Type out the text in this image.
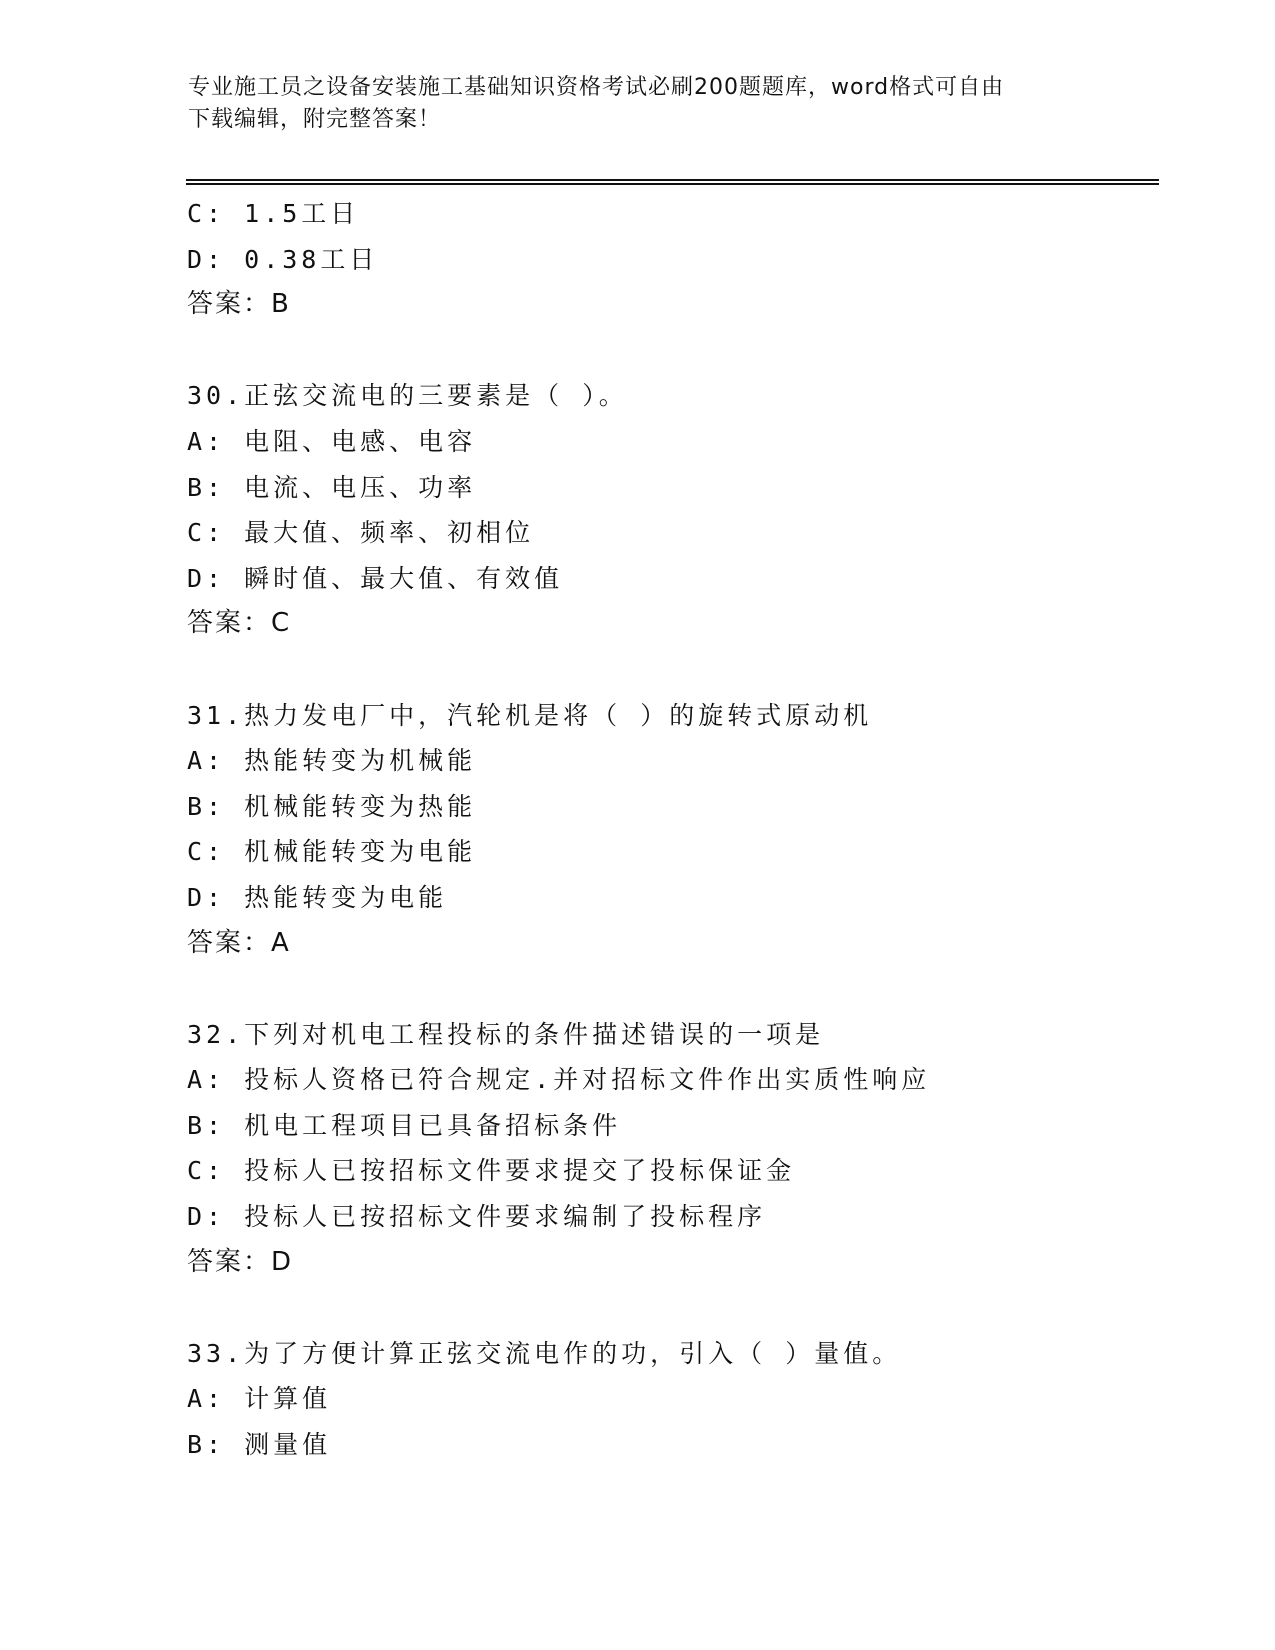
专业施工员之设备安装施工基础知识资格考试必刷200题题库，word格式可自由
下载编辑，附完整答案！
C: 1.5工日
D: 0.38工日
答案：B
30.正弦交流电的三要素是（ ）。
A: 电阻、电感、电容
B: 电流、电压、功率
C: 最大值、频率、初相位
D: 瞬时值、最大值、有效值
答案：C
31.热力发电厂中，汽轮机是将（ ）的旋转式原动机
A: 热能转变为机械能
B: 机械能转变为热能
C: 机械能转变为电能
D: 热能转变为电能
答案：A
32.下列对机电工程投标的条件描述错误的一项是
A: 投标人资格已符合规定.并对招标文件作出实质性响应
B: 机电工程项目已具备招标条件
C: 投标人已按招标文件要求提交了投标保证金
D: 投标人已按招标文件要求编制了投标程序
答案：D
33.为了方便计算正弦交流电作的功，引入（ ）量值。
A: 计算值
B: 测量值
